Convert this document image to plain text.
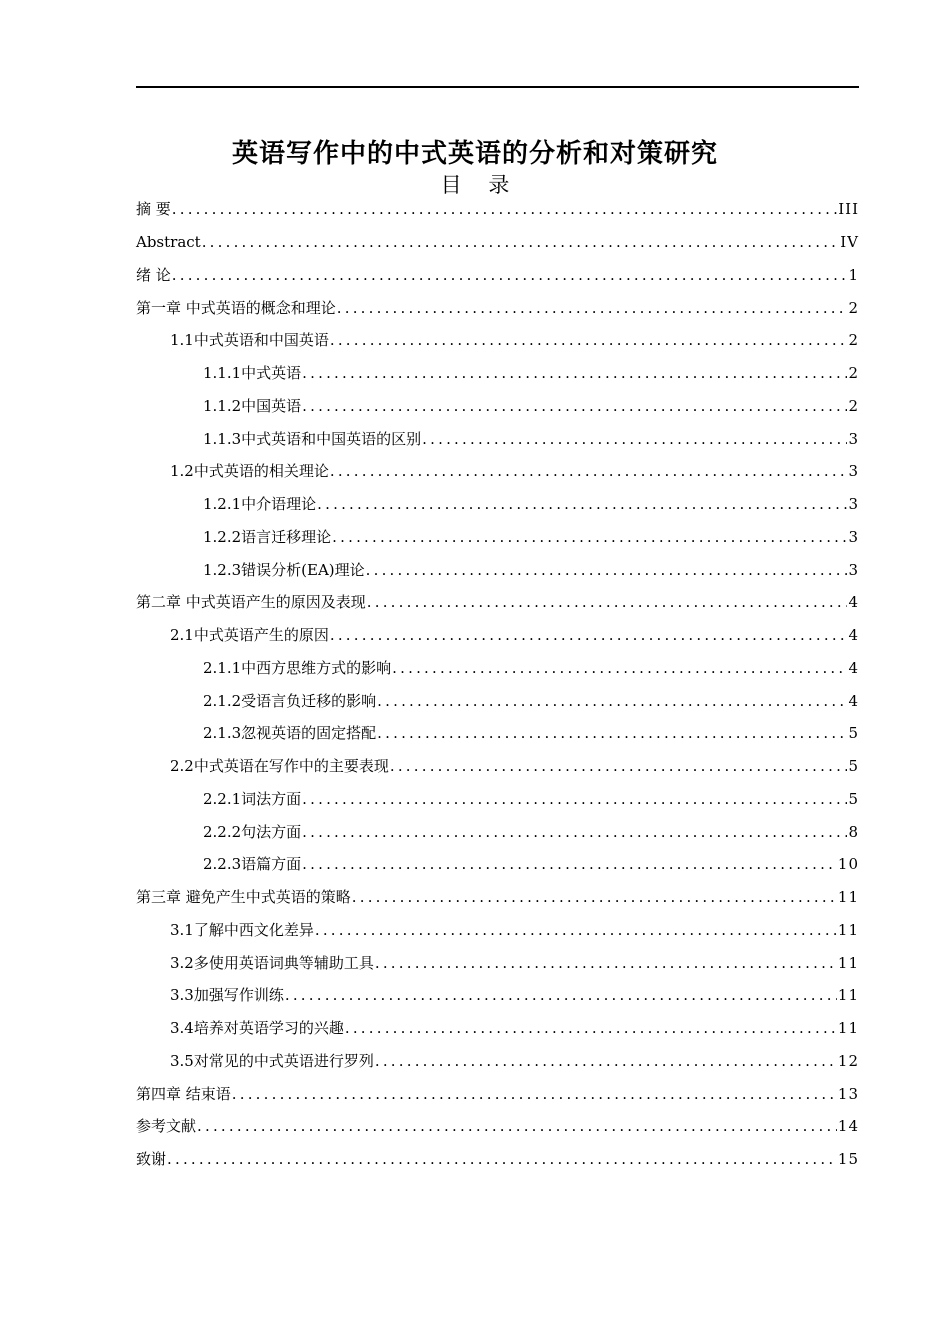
英语写作中的中式英语的分析和对策研究
目 录
摘 要 .....	III
Abstract .....	IV
绪 论 .....	1
第一章 中式英语的概念和理论 .....	2
1.1中式英语和中国英语 .....	2
1.1.1中式英语 .....	2
1.1.2中国英语 .....	2
1.1.3中式英语和中国英语的区别 .....	3
1.2中式英语的相关理论 .....	3
1.2.1中介语理论 .....	3
1.2.2语言迁移理论 .....	3
1.2.3错误分析(EA)理论 .....	3
第二章 中式英语产生的原因及表现 .....	4
2.1中式英语产生的原因 .....	4
2.1.1中西方思维方式的影响 .....	4
2.1.2受语言负迁移的影响 .....	4
2.1.3忽视英语的固定搭配 .....	5
2.2中式英语在写作中的主要表现 .....	5
2.2.1词法方面 .....	5
2.2.2句法方面 .....	8
2.2.3语篇方面 .....	10
第三章 避免产生中式英语的策略 .....	11
3.1了解中西文化差异 .....	11
3.2多使用英语词典等辅助工具 .....	11
3.3加强写作训练 .....	11
3.4培养对英语学习的兴趣 .....	11
3.5对常见的中式英语进行罗列 .....	12
第四章 结束语 .....	13
参考文献 .....	14
致谢 .....	15
